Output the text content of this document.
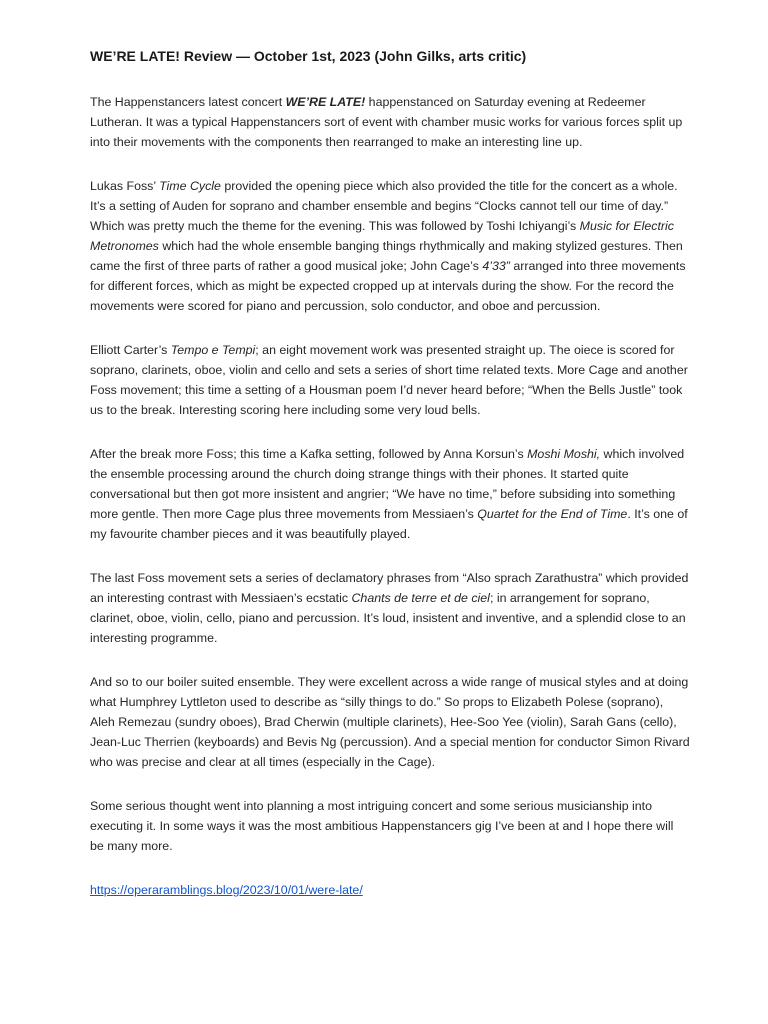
WE’RE LATE! Review — October 1st, 2023 (John Gilks, arts critic)

The Happenstancers latest concert WE’RE LATE! happenstanced on Saturday evening at Redeemer Lutheran. It was a typical Happenstancers sort of event with chamber music works for various forces split up into their movements with the components then rearranged to make an interesting line up.

Lukas Foss’ Time Cycle provided the opening piece which also provided the title for the concert as a whole. It’s a setting of Auden for soprano and chamber ensemble and begins “Clocks cannot tell our time of day.” Which was pretty much the theme for the evening. This was followed by Toshi Ichiyangi’s Music for Electric Metronomes which had the whole ensemble banging things rhythmically and making stylized gestures. Then came the first of three parts of rather a good musical joke; John Cage’s 4’33” arranged into three movements for different forces, which as might be expected cropped up at intervals during the show. For the record the movements were scored for piano and percussion, solo conductor, and oboe and percussion.

Elliott Carter’s Tempo e Tempi; an eight movement work was presented straight up. The oiece is scored for soprano, clarinets, oboe, violin and cello and sets a series of short time related texts. More Cage and another Foss movement; this time a setting of a Housman poem I’d never heard before; “When the Bells Justle” took us to the break. Interesting scoring here including some very loud bells.

After the break more Foss; this time a Kafka setting, followed by Anna Korsun’s Moshi Moshi, which involved the ensemble processing around the church doing strange things with their phones. It started quite conversational but then got more insistent and angrier; “We have no time,” before subsiding into something more gentle. Then more Cage plus three movements from Messiaen’s Quartet for the End of Time. It’s one of my favourite chamber pieces and it was beautifully played.

The last Foss movement sets a series of declamatory phrases from “Also sprach Zarathustra” which provided an interesting contrast with Messiaen’s ecstatic Chants de terre et de ciel; in arrangement for soprano, clarinet, oboe, violin, cello, piano and percussion. It’s loud, insistent and inventive, and a splendid close to an interesting programme.

And so to our boiler suited ensemble. They were excellent across a wide range of musical styles and at doing what Humphrey Lyttleton used to describe as “silly things to do.” So props to Elizabeth Polese (soprano), Aleh Remezau (sundry oboes), Brad Cherwin (multiple clarinets), Hee-Soo Yee (violin), Sarah Gans (cello), Jean-Luc Therrien (keyboards) and Bevis Ng (percussion). And a special mention for conductor Simon Rivard who was precise and clear at all times (especially in the Cage).

Some serious thought went into planning a most intriguing concert and some serious musicianship into executing it. In some ways it was the most ambitious Happenstancers gig I’ve been at and I hope there will be many more.

https://operaramblings.blog/2023/10/01/were-late/
